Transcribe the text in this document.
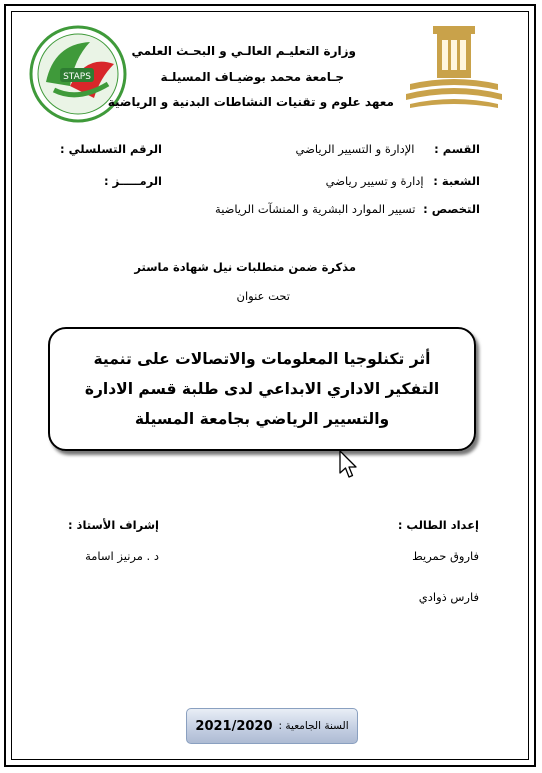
STAPS
وزارة التعليـم العالـي و البحـث العلمي
جـامعة محمد بوضيـاف المسيلـة
معهد علوم و تقنيات النشاطات البدنية و الرياضية
القسم : الإدارة و التسيير الرياضي
الرقم التسلسلي :
الشعبة : إدارة و تسيير رياضي
الرمـــــز :
التخصص : تسيير الموارد البشرية و المنشآت الرياضية
مذكرة ضمن متطلبات نيل شهادة ماستر
تحت عنوان
أثر تكنلوجيا المعلومات والاتصالات على تنمية التفكير الاداري الابداعي لدى طلبة قسم الادارة والتسيير الرياضي بجامعة المسيلة
إعداد الطالب :
إشراف الأستاذ :
فاروق حمريط
د . مرنيز اسامة
فارس ذوادي
السنة الجامعية :
2021/2020
